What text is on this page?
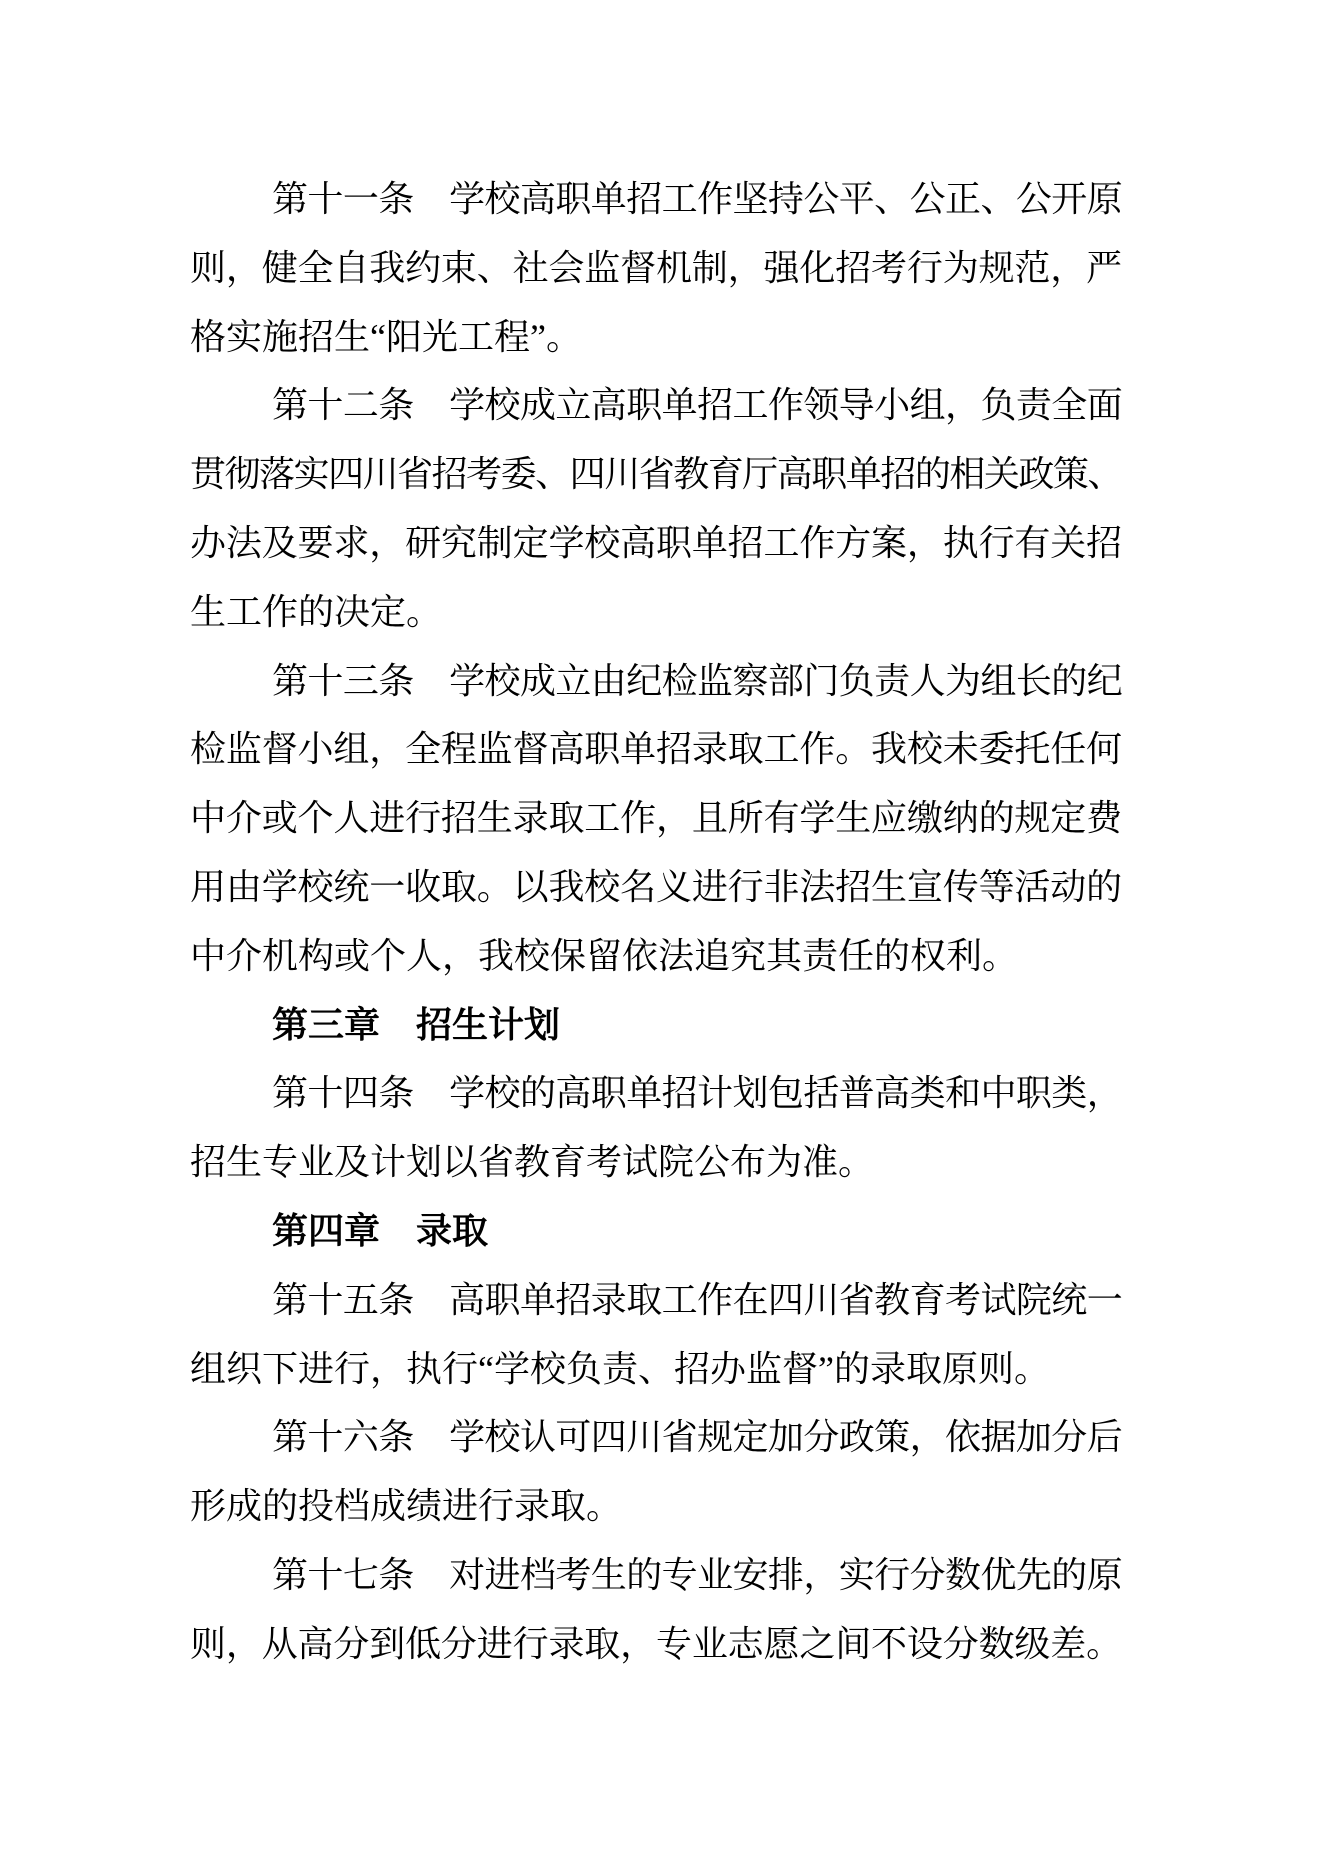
第 十 一 条
　 学 校 高 职 单 招 工 作 坚 持 公 平 、 公 正 、 公 开 原
则 ， 健 全 自 我 约 束 、 社 会 监 督 机 制 ， 强 化 招 考 行 为 规 范 ， 严
格实施招生“阳光工程”。
第 十 二 条
　 学 校 成 立 高 职 单 招 工 作 领 导 小 组 ， 负 责 全 面
贯
彻
落
实
四
川
省
招
考
委
、
四
川
省
教
育
厅
高
职
单
招
的
相
关
政
策
、
办 法 及 要 求 ， 研 究 制 定 学 校 高 职 单 招 工 作 方 案 ， 执 行 有 关 招
生工作的决定。
第 十 三 条
　 学 校 成 立 由 纪 检 监 察 部 门 负 责 人 为 组 长 的 纪
检 监 督 小 组 ， 全 程 监 督 高 职 单 招 录 取 工 作 。 我 校 未 委 托 任 何
中 介 或 个 人 进 行 招 生 录 取 工 作 ， 且 所 有 学 生 应 缴 纳 的 规 定 费
用 由 学 校 统 一 收 取 。 以 我 校 名 义 进 行 非 法 招 生 宣 传 等 活 动 的
中介机构或个人，我校保留依法追究其责任的权利。
第三章　招生计划
第 十 四 条
　 学 校 的 高 职 单 招 计 划 包 括 普 高 类 和 中 职 类 ，
招生专业及计划以省教育考试院公布为准。
第四章　录取
第 十 五 条
　 高 职 单 招 录 取 工 作 在 四 川 省 教 育 考 试 院 统 一
组织下进行，执行“学校负责、招办监督”的录取原则。
第 十 六 条
　 学 校 认 可 四 川 省 规 定 加 分 政 策 ， 依 据 加 分 后
形成的投档成绩进行录取。
第 十 七 条
　 对 进 档 考 生 的 专 业 安 排 ， 实 行 分 数 优 先 的 原
则 ， 从 高 分 到 低 分 进 行 录 取 ， 专 业 志 愿 之 间 不 设 分 数 级 差 。
